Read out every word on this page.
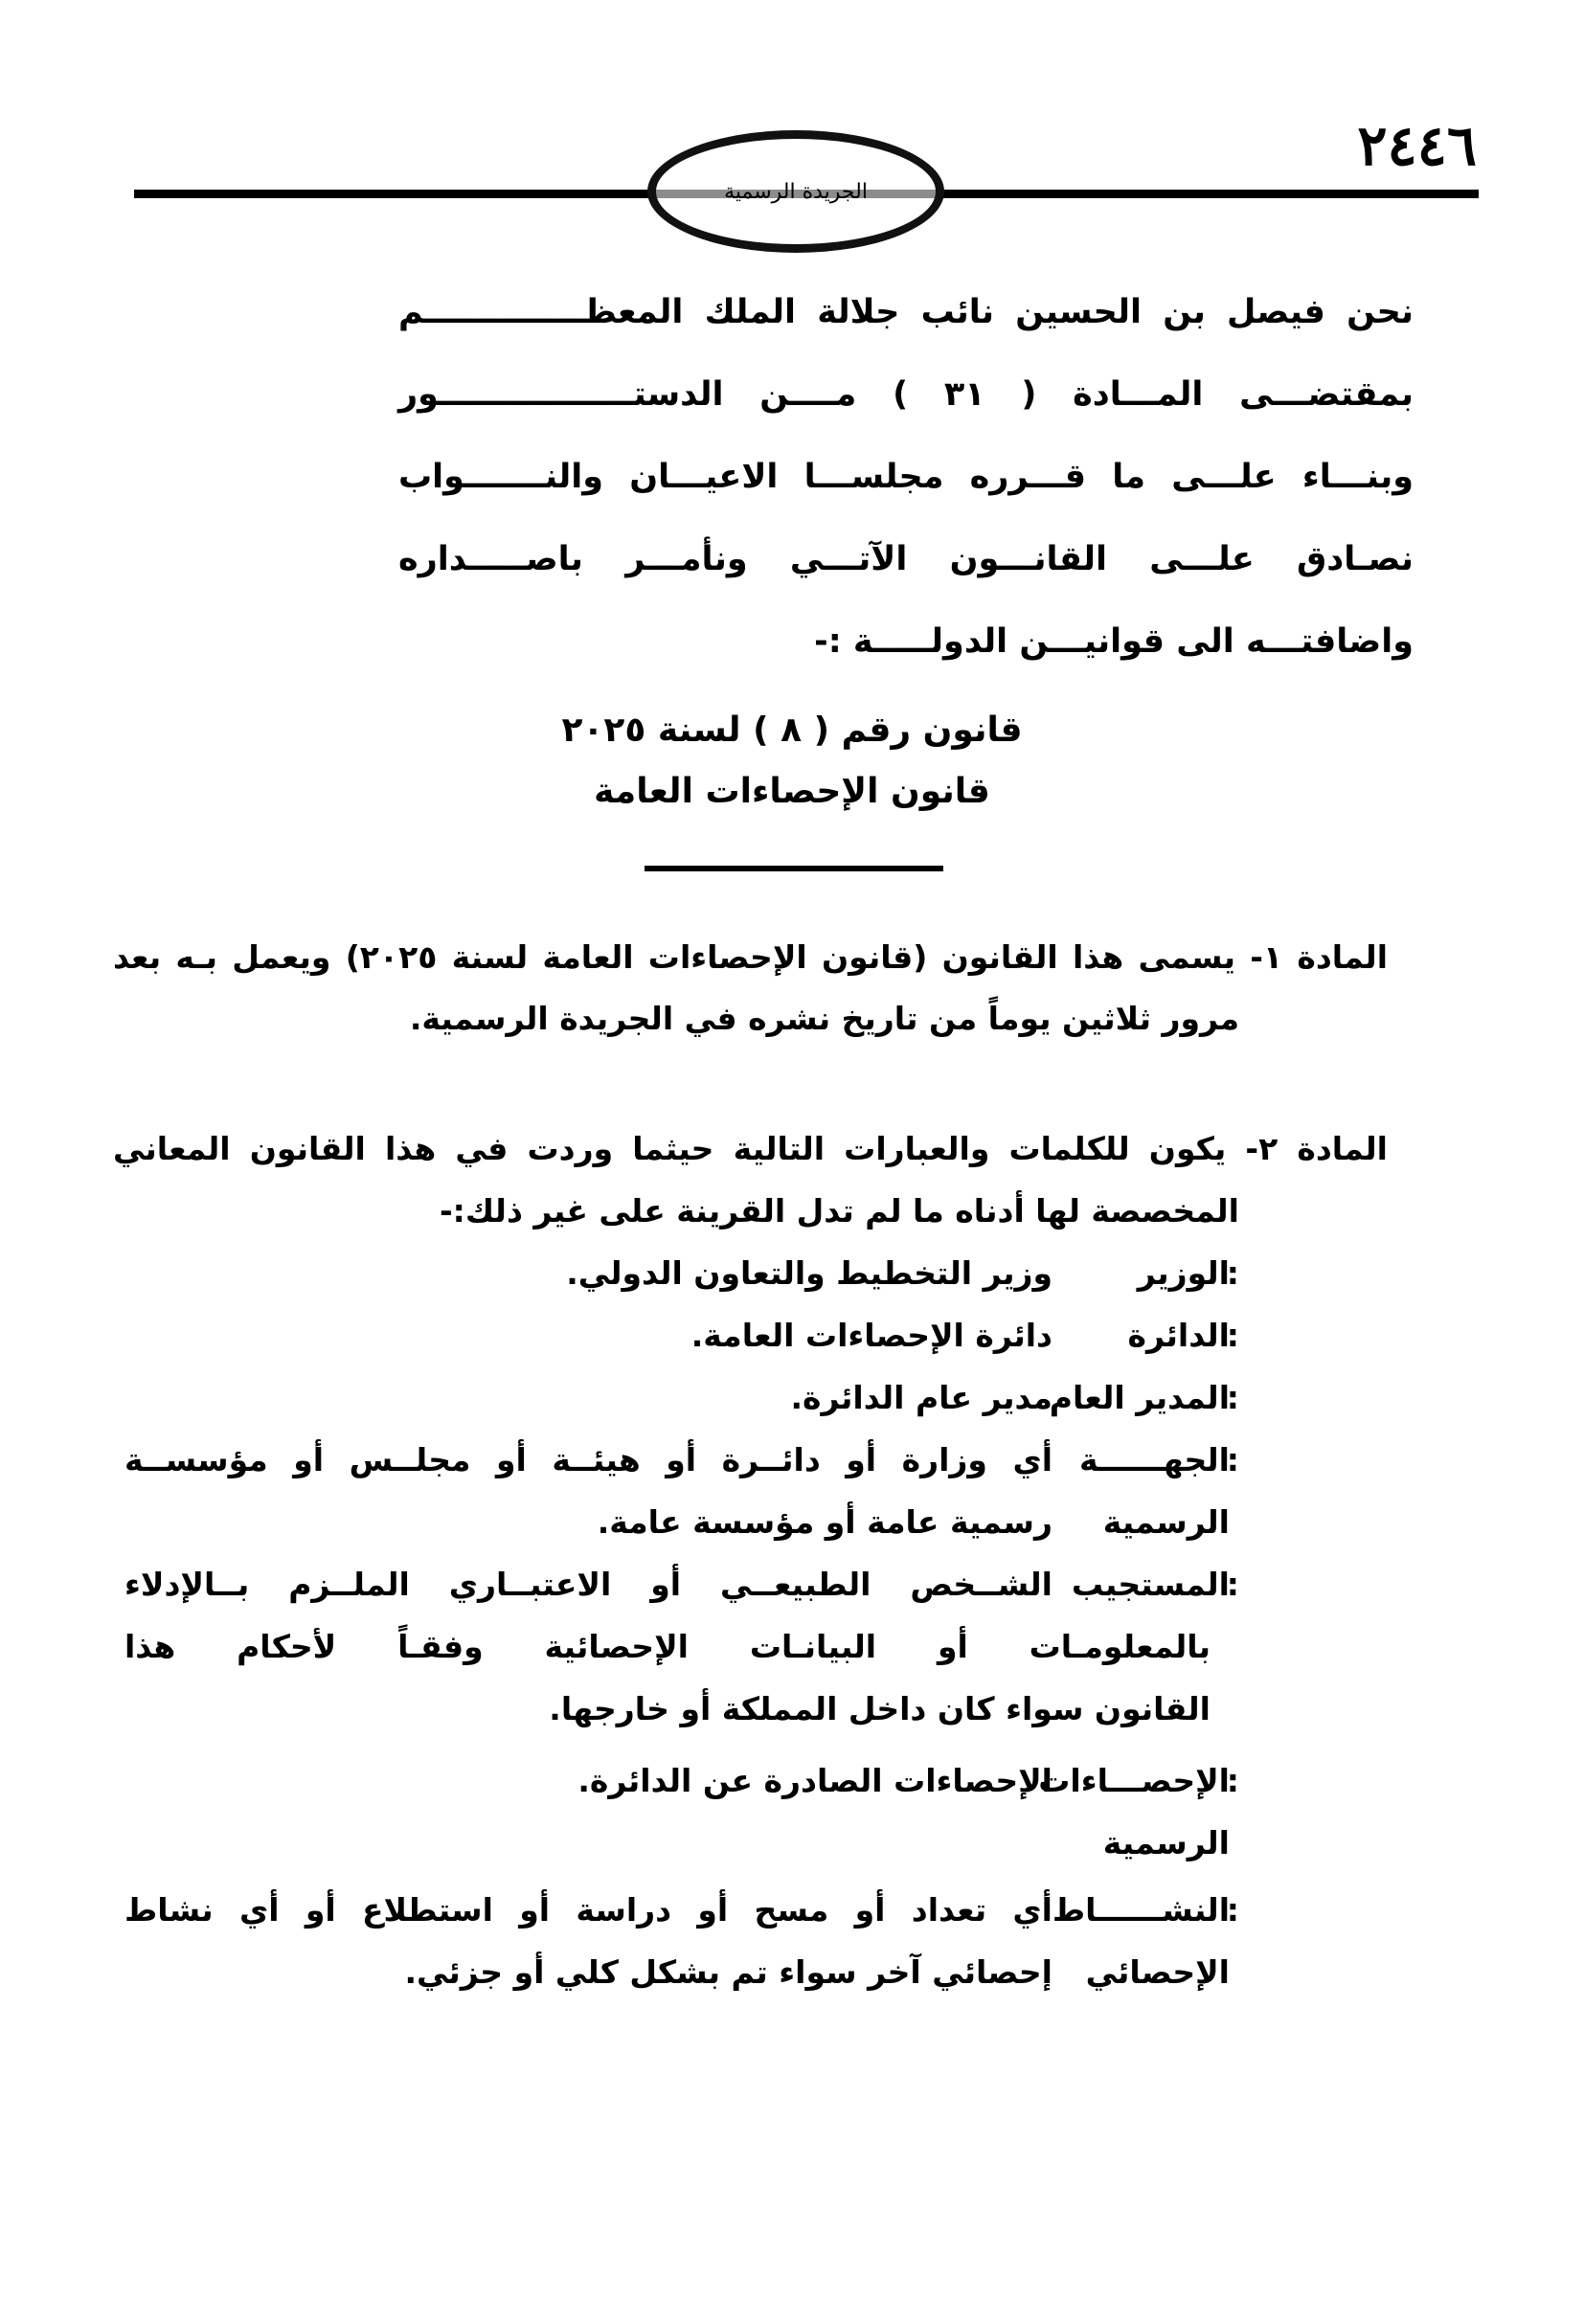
٢٤٤٦
الجريدة الرسمية
نحن فيصل بن الحسين نائب جلالة الملك المعظــــــــــــــم
بمقتضـــى المـــادة ( ٣١ ) مــــن الدستـــــــــــــــــور
وبنـــاء علـــى ما قـــرره مجلســـا الاعيـــان والنـــــــواب
نصـادق علـــى القانـــون الآتـــي ونأمـــر باصـــــداره
واضافتـــه الى قوانيـــن الدولـــــة :-
قانون رقم ( ٨ ) لسنة ٢٠٢٥
قانون الإحصاءات العامة
المادة ١- يسمى هذا القانون (قانون الإحصاءات العامة لسنة ٢٠٢٥) ويعمل بـه بعد
مرور ثلاثين يوماً من تاريخ نشره في الجريدة الرسمية.
المادة ٢- يكون للكلمات والعبارات التالية حيثما وردت في هذا القانون المعاني
المخصصة لها أدناه ما لم تدل القرينة على غير ذلك:-
الوزير
:
وزير التخطيط والتعاون الدولي.
الدائرة
:
دائرة الإحصاءات العامة.
المدير العام
:
مدير عام الدائرة.
الجهــــــة
:
أي وزارة أو دائــرة أو هيئــة أو مجلــس أو مؤسســة
الرسمية
رسمية عامة أو مؤسسة عامة.
المستجيب
:
الشــخص الطبيعــي أو الاعتبــاري الملــزم بــالإدلاء
بالمعلومـات أو البيانـات الإحصائية وفقـاً لأحكام هذا
القانون سواء كان داخل المملكة أو خارجها.
الإحصـــاءات
:
الإحصاءات الصادرة عن الدائرة.
الرسمية
النشــــــاط
:
أي تعداد أو مسح أو دراسة أو استطلاع أو أي نشاط
الإحصائي
إحصائي آخر سواء تم بشكل كلي أو جزئي.
